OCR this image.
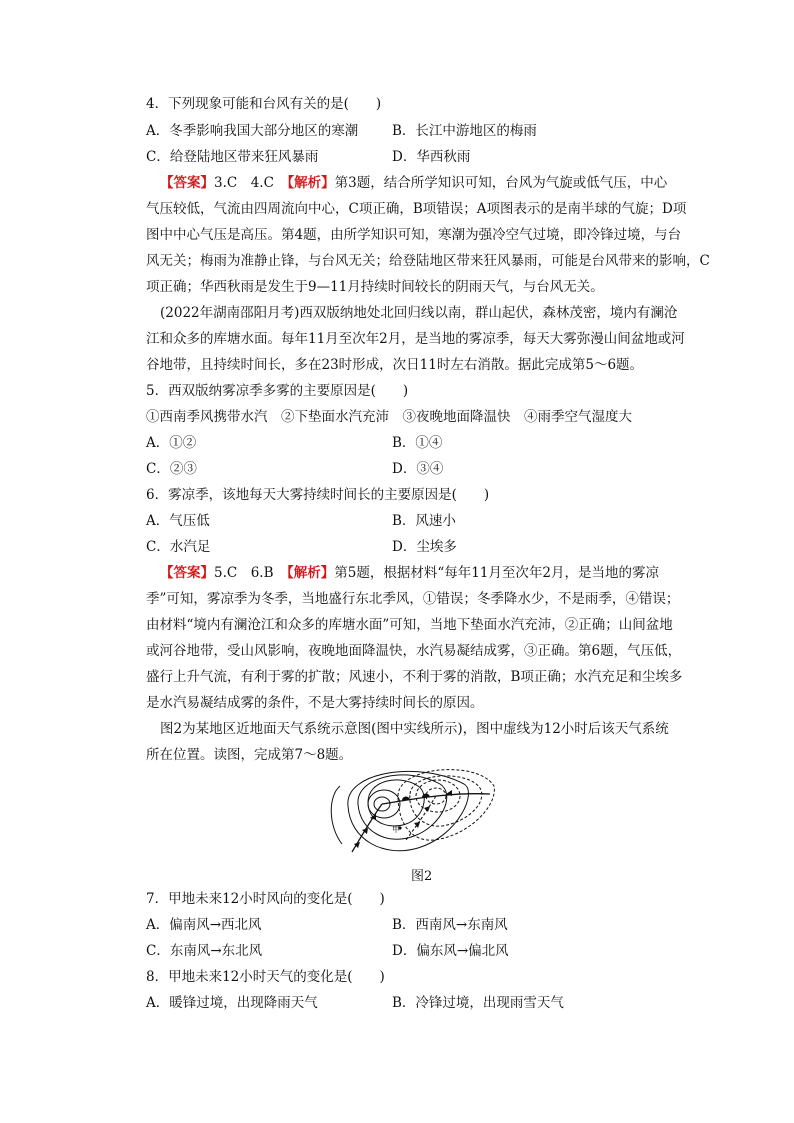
4．下列现象可能和台风有关的是(　　)
A．冬季影响我国大部分地区的寒潮	B．长江中游地区的梅雨
C．给登陆地区带来狂风暴雨	D．华西秋雨
【答案】3.C　4.C　【解析】第3题，结合所学知识可知，台风为气旋或低气压，中心
气压较低，气流由四周流向中心，C项正确，B项错误；A项图表示的是南半球的气旋；D项
图中中心气压是高压。第4题，由所学知识可知，寒潮为强冷空气过境，即冷锋过境，与台
风无关；梅雨为准静止锋，与台风无关；给登陆地区带来狂风暴雨，可能是台风带来的影响，C
项正确；华西秋雨是发生于9—11月持续时间较长的阴雨天气，与台风无关。
(2022年湖南邵阳月考)西双版纳地处北回归线以南，群山起伏，森林茂密，境内有澜沧
江和众多的库塘水面。每年11月至次年2月，是当地的雾凉季，每天大雾弥漫山间盆地或河
谷地带，且持续时间长，多在23时形成，次日11时左右消散。据此完成第5～6题。
5．西双版纳雾凉季多雾的主要原因是(　　)
①西南季风携带水汽　②下垫面水汽充沛　③夜晚地面降温快　④雨季空气湿度大
A．①②	B．①④
C．②③	D．③④
6．雾凉季，该地每天大雾持续时间长的主要原因是(　　)
A．气压低	B．风速小
C．水汽足	D．尘埃多
【答案】5.C　6.B　【解析】第5题，根据材料“每年11月至次年2月，是当地的雾凉
季”可知，雾凉季为冬季，当地盛行东北季风，①错误；冬季降水少，不是雨季，④错误；
由材料“境内有澜沧江和众多的库塘水面”可知，当地下垫面水汽充沛，②正确；山间盆地
或河谷地带，受山风影响，夜晚地面降温快，水汽易凝结成雾，③正确。第6题，气压低，
盛行上升气流，有利于雾的扩散；风速小，不利于雾的消散，B项正确；水汽充足和尘埃多
是水汽易凝结成雾的条件，不是大雾持续时间长的原因。
图2为某地区近地面天气系统示意图(图中实线所示)，图中虚线为12小时后该天气系统
所在位置。读图，完成第7～8题。
甲
图2
7．甲地未来12小时风向的变化是(　　)
A．偏南风→西北风	B．西南风→东南风
C．东南风→东北风	D．偏东风→偏北风
8．甲地未来12小时天气的变化是(　　)
A．暖锋过境，出现降雨天气	B．冷锋过境，出现雨雪天气
